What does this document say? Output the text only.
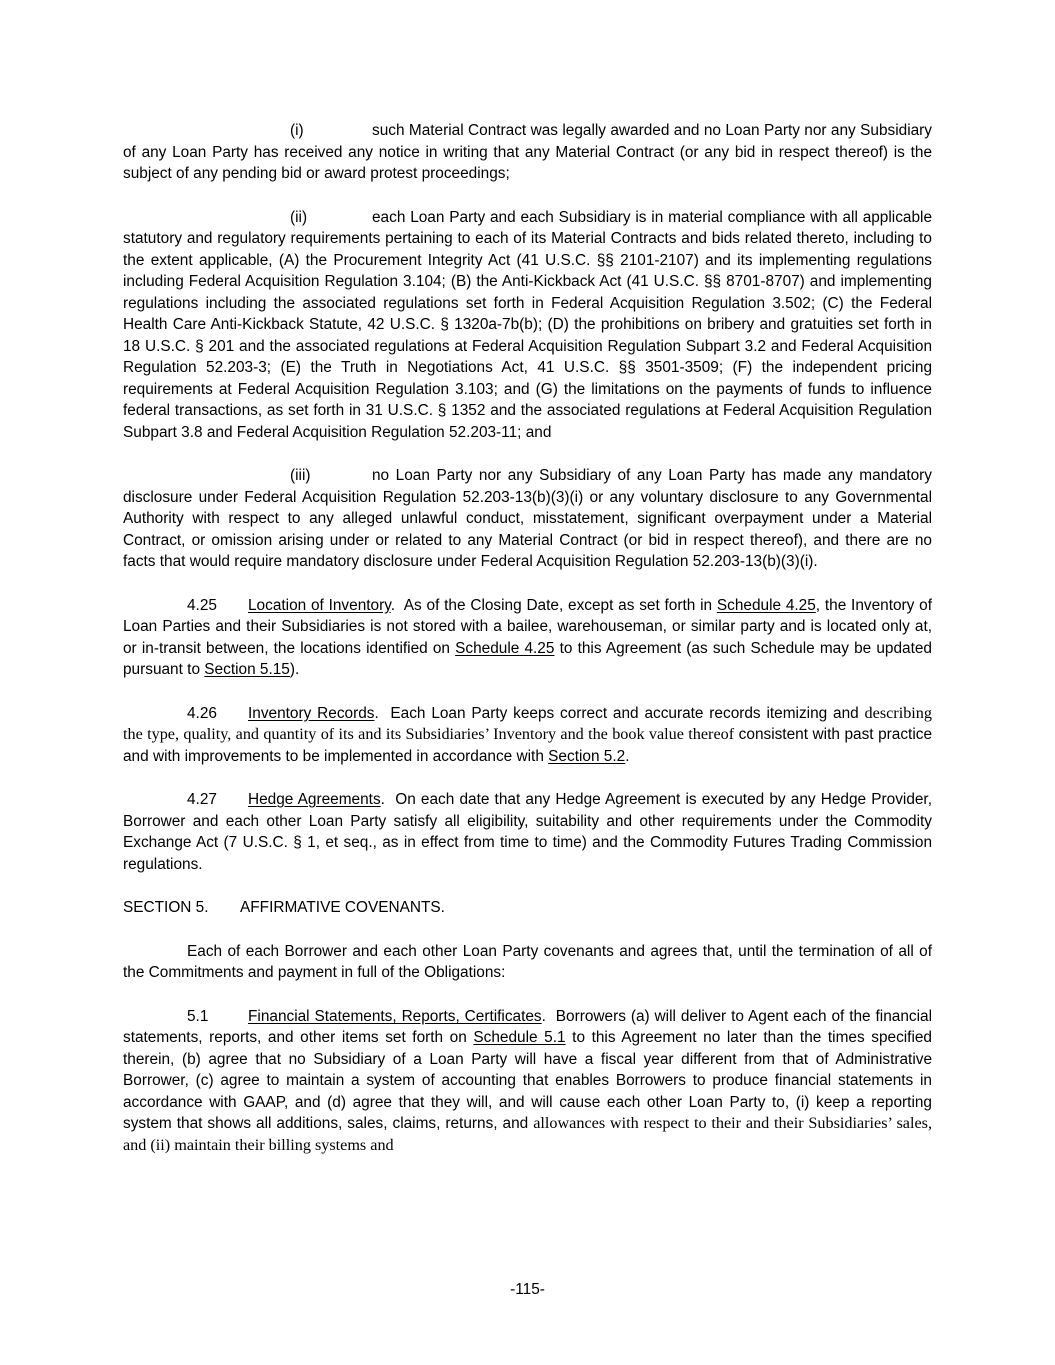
(i)	such Material Contract was legally awarded and no Loan Party nor any Subsidiary of any Loan Party has received any notice in writing that any Material Contract (or any bid in respect thereof) is the subject of any pending bid or award protest proceedings;

(ii)	each Loan Party and each Subsidiary is in material compliance with all applicable statutory and regulatory requirements pertaining to each of its Material Contracts and bids related thereto, including to the extent applicable, (A) the Procurement Integrity Act (41 U.S.C. §§ 2101-2107) and its implementing regulations including Federal Acquisition Regulation 3.104; (B) the Anti-Kickback Act (41 U.S.C. §§ 8701-8707) and implementing regulations including the associated regulations set forth in Federal Acquisition Regulation 3.502; (C) the Federal Health Care Anti-Kickback Statute, 42 U.S.C. § 1320a-7b(b); (D) the prohibitions on bribery and gratuities set forth in 18 U.S.C. § 201 and the associated regulations at Federal Acquisition Regulation Subpart 3.2 and Federal Acquisition Regulation 52.203-3; (E) the Truth in Negotiations Act, 41 U.S.C. §§ 3501-3509; (F) the independent pricing requirements at Federal Acquisition Regulation 3.103; and (G) the limitations on the payments of funds to influence federal transactions, as set forth in 31 U.S.C. § 1352 and the associated regulations at Federal Acquisition Regulation Subpart 3.8 and Federal Acquisition Regulation 52.203-11; and

(iii)	no Loan Party nor any Subsidiary of any Loan Party has made any mandatory disclosure under Federal Acquisition Regulation 52.203-13(b)(3)(i) or any voluntary disclosure to any Governmental Authority with respect to any alleged unlawful conduct, misstatement, significant overpayment under a Material Contract, or omission arising under or related to any Material Contract (or bid in respect thereof), and there are no facts that would require mandatory disclosure under Federal Acquisition Regulation 52.203-13(b)(3)(i).

4.25 Location of Inventory.  As of the Closing Date, except as set forth in Schedule 4.25, the Inventory of Loan Parties and their Subsidiaries is not stored with a bailee, warehouseman, or similar party and is located only at, or in-transit between, the locations identified on Schedule 4.25 to this Agreement (as such Schedule may be updated pursuant to Section 5.15).

4.26 Inventory Records.  Each Loan Party keeps correct and accurate records itemizing and describing the type, quality, and quantity of its and its Subsidiaries’ Inventory and the book value thereof consistent with past practice and with improvements to be implemented in accordance with Section 5.2.

4.27 Hedge Agreements.  On each date that any Hedge Agreement is executed by any Hedge Provider, Borrower and each other Loan Party satisfy all eligibility, suitability and other requirements under the Commodity Exchange Act (7 U.S.C. § 1, et seq., as in effect from time to time) and the Commodity Futures Trading Commission regulations.

SECTION 5. AFFIRMATIVE COVENANTS.

Each of each Borrower and each other Loan Party covenants and agrees that, until the termination of all of the Commitments and payment in full of the Obligations:

5.1	Financial Statements, Reports, Certificates.  Borrowers (a) will deliver to Agent each of the financial statements, reports, and other items set forth on Schedule 5.1 to this Agreement no later than the times specified therein, (b) agree that no Subsidiary of a Loan Party will have a fiscal year different from that of Administrative Borrower, (c) agree to maintain a system of accounting that enables Borrowers to produce financial statements in accordance with GAAP, and (d) agree that they will, and will cause each other Loan Party to, (i) keep a reporting system that shows all additions, sales, claims, returns, and allowances with respect to their and their Subsidiaries’ sales, and (ii) maintain their billing systems and

-115-
